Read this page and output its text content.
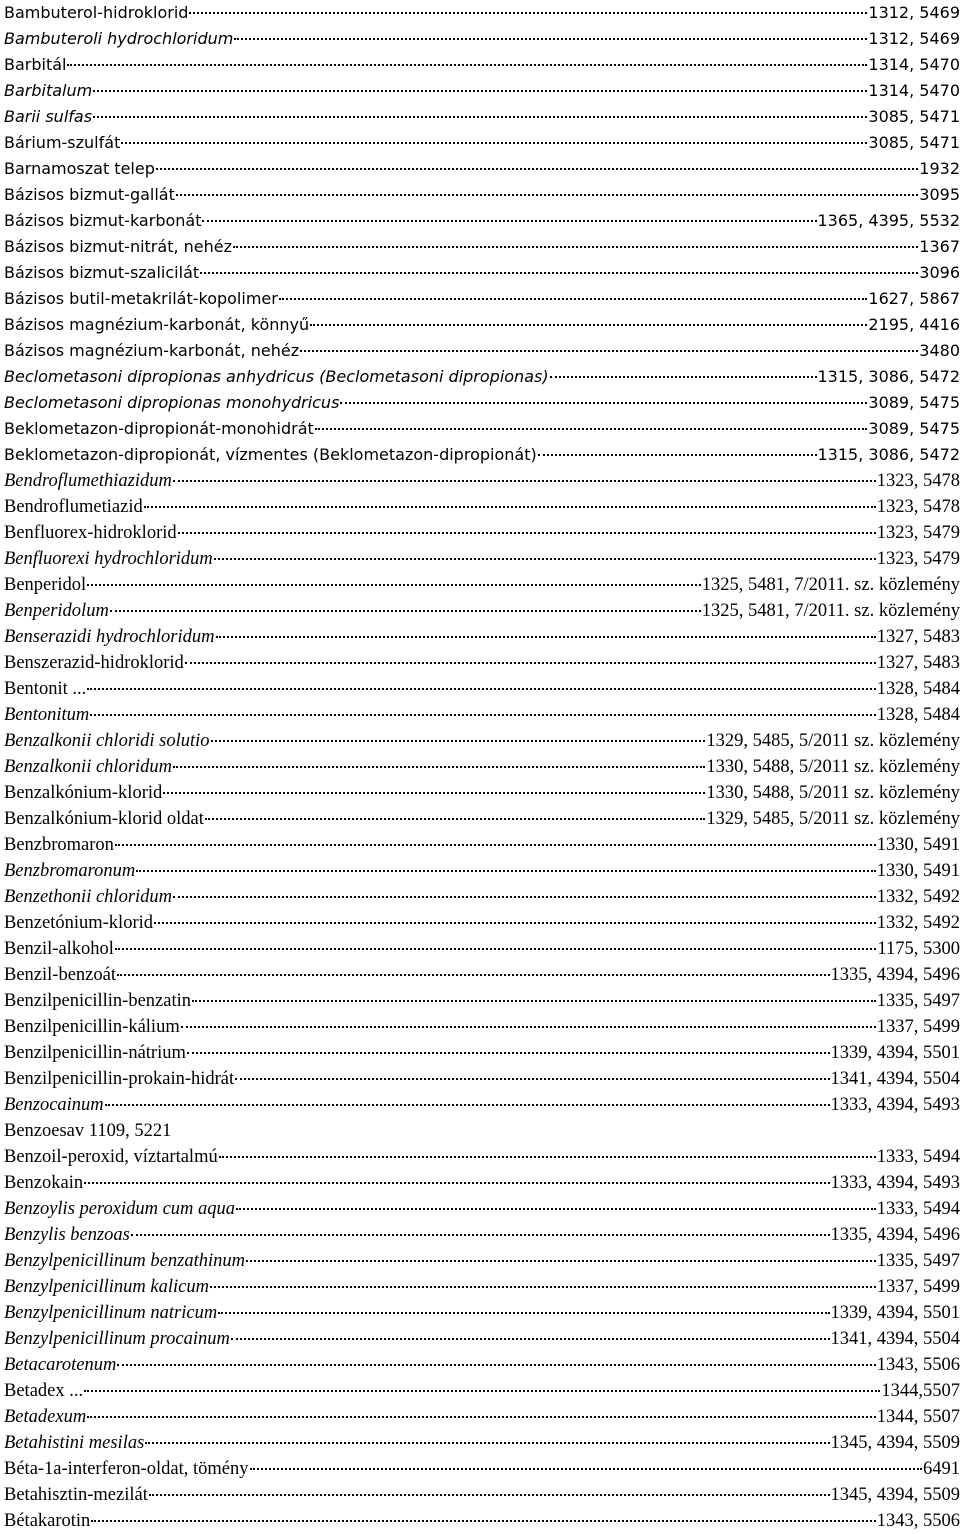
Bambuterol-hidroklorid	1312, 5469
Bambuteroli hydrochloridum	1312, 5469
Barbitál	1314, 5470
Barbitalum	1314, 5470
Barii sulfas	3085, 5471
Bárium-szulfát	3085, 5471
Barnamoszat telep	1932
Bázisos bizmut-gallát	3095
Bázisos bizmut-karbonát	1365, 4395, 5532
Bázisos bizmut-nitrát, nehéz	1367
Bázisos bizmut-szalicilát	3096
Bázisos butil-metakrilát-kopolimer	1627, 5867
Bázisos magnézium-karbonát, könnyű	2195, 4416
Bázisos magnézium-karbonát, nehéz	3480
Beclometasoni dipropionas anhydricus (Beclometasoni dipropionas)	1315, 3086, 5472
Beclometasoni dipropionas monohydricus	3089, 5475
Beklometazon-dipropionát-monohidrát	3089, 5475
Beklometazon-dipropionát, vízmentes (Beklometazon-dipropionát)	1315, 3086, 5472
Bendroflumethiazidum	1323, 5478
Bendroflumetiazid	1323, 5478
Benfluorex-hidroklorid	1323, 5479
Benfluorexi hydrochloridum	1323, 5479
Benperidol	1325, 5481, 7/2011. sz. közlemény
Benperidolum	1325, 5481, 7/2011. sz. közlemény
Benserazidi hydrochloridum	1327, 5483
Benszerazid-hidroklorid	1327, 5483
Bentonit ...	1328, 5484
Bentonitum	1328, 5484
Benzalkonii chloridi solutio	1329, 5485, 5/2011 sz. közlemény
Benzalkonii chloridum	1330, 5488, 5/2011 sz. közlemény
Benzalkónium-klorid	1330, 5488, 5/2011 sz. közlemény
Benzalkónium-klorid oldat	1329, 5485, 5/2011 sz. közlemény
Benzbromaron	1330, 5491
Benzbromaronum	1330, 5491
Benzethonii chloridum	1332, 5492
Benzetónium-klorid	1332, 5492
Benzil-alkohol	1175, 5300
Benzil-benzoát	1335, 4394, 5496
Benzilpenicillin-benzatin	1335, 5497
Benzilpenicillin-kálium	1337, 5499
Benzilpenicillin-nátrium	1339, 4394, 5501
Benzilpenicillin-prokain-hidrát	1341, 4394, 5504
Benzocainum	1333, 4394, 5493
Benzoesav 1109, 5221
Benzoil-peroxid, víztartalmú	1333, 5494
Benzokain	1333, 4394, 5493
Benzoylis peroxidum cum aqua	1333, 5494
Benzylis benzoas	1335, 4394, 5496
Benzylpenicillinum benzathinum	1335, 5497
Benzylpenicillinum kalicum	1337, 5499
Benzylpenicillinum natricum	1339, 4394, 5501
Benzylpenicillinum procainum	1341, 4394, 5504
Betacarotenum	1343, 5506
Betadex ...	1344,5507
Betadexum	1344, 5507
Betahistini mesilas	1345, 4394, 5509
Béta-1a-interferon-oldat, tömény	6491
Betahisztin-mezilát	1345, 4394, 5509
Bétakarotin	1343, 5506
